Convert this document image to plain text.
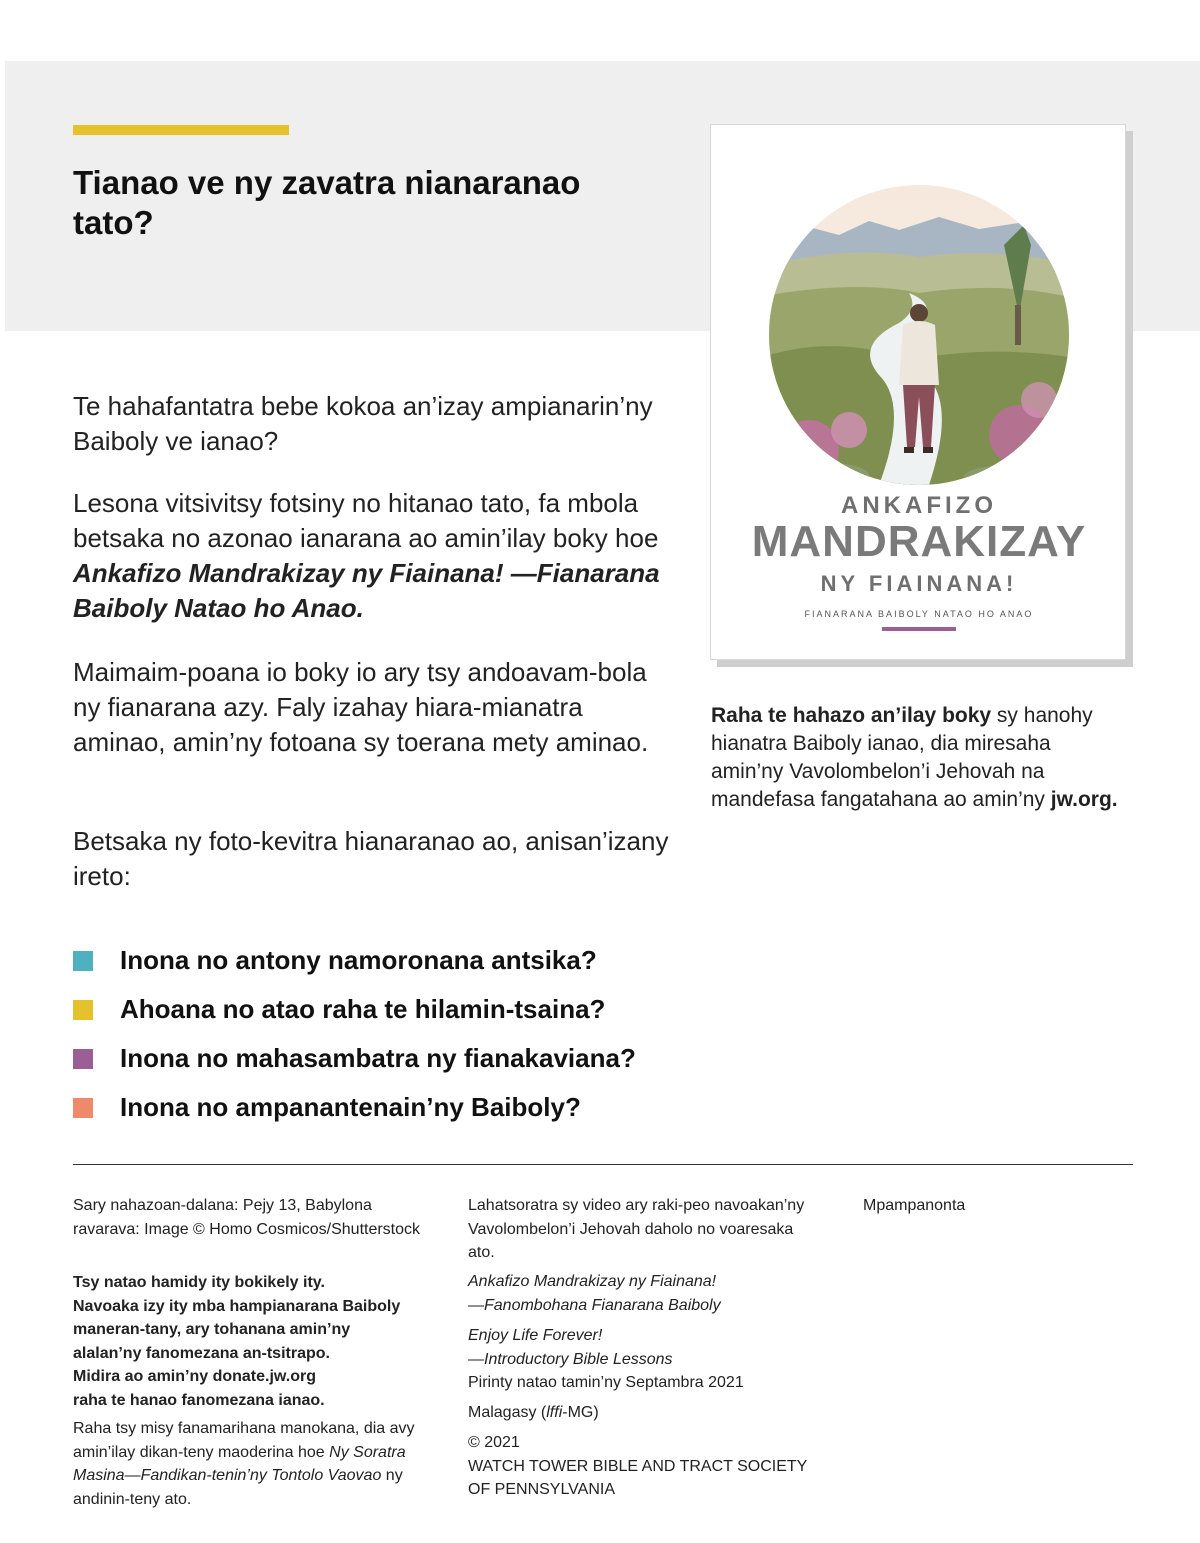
Tianao ve ny zavatra nianaranao tato?

Te hahafantatra bebe kokoa an’izay ampianarin’ny Baiboly ve ianao?

Lesona vitsivitsy fotsiny no hitanao tato, fa mbola betsaka no azonao ianarana ao amin’ilay boky hoe Ankafizo Mandrakizay ny Fiainana! —Fianarana Baiboly Natao ho Anao.

Maimaim-poana io boky io ary tsy andoavam-bola ny fianarana azy. Faly izahay hiara-mianatra aminao, amin’ny fotoana sy toerana mety aminao.

Betsaka ny foto-kevitra hianaranao ao, anisan’izany ireto:

Inona no antony namoronana antsika?
Ahoana no atao raha te hilamin-tsaina?
Inona no mahasambatra ny fianakaviana?
Inona no ampanantenain’ny Baiboly?
ANKAFIZO
MANDRAKIZAY
NY FIAINANA!
FIANARANA BAIBOLY NATAO HO ANAO

Raha te hahazo an’ilay boky sy hanohy hianatra Baiboly ianao, dia miresaha amin’ny Vavolombelon’i Jehovah na mandefasa fangatahana ao amin’ny jw.org.

Sary nahazoan-dalana: Pejy 13, Babylona ravarava: Image © Homo Cosmicos/Shutterstock

Tsy natao hamidy ity bokikely ity.
Navoaka izy ity mba hampianarana Baiboly
maneran-tany, ary tohanana amin’ny
alalan’ny fanomezana an-tsitrapo.
Midira ao amin’ny donate.jw.org
raha te hanao fanomezana ianao.

Raha tsy misy fanamarihana manokana, dia avy amin’ilay dikan-teny maoderina hoe Ny Soratra Masina—Fandikan-tenin’ny Tontolo Vaovao ny andinin-teny ato.

Lahatsoratra sy video ary raki-peo navoakan’ny Vavolombelon’i Jehovah daholo no voaresaka ato.

Ankafizo Mandrakizay ny Fiainana!
—Fanombohana Fianarana Baiboly

Enjoy Life Forever!
—Introductory Bible Lessons
Pirinty natao tamin’ny Septambra 2021

Malagasy (lffi-MG)

© 2021
WATCH TOWER BIBLE AND TRACT SOCIETY
OF PENNSYLVANIA

Mpampanonta
